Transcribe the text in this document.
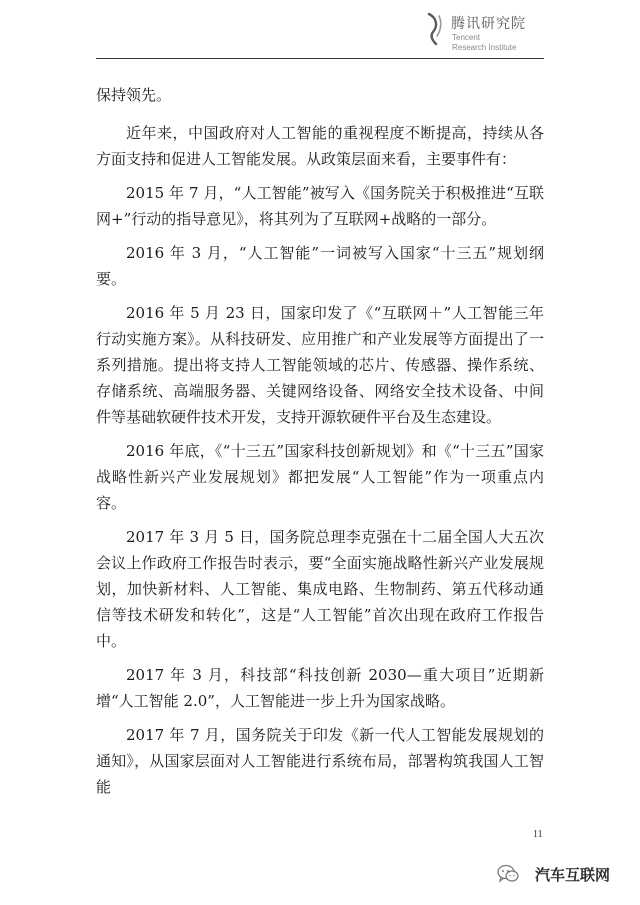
腾讯研究院
Tencent
Research Institute

保持领先。

近年来，中国政府对人工智能的重视程度不断提高，持续从各方面支持和促进人工智能发展。从政策层面来看，主要事件有：

2015 年 7 月，“人工智能”被写入《国务院关于积极推进“互联网+”行动的指导意见》，将其列为了互联网+战略的一部分。

2016 年 3 月，“人工智能”一词被写入国家“十三五”规划纲要。

2016 年 5 月 23 日，国家印发了《“互联网＋”人工智能三年行动实施方案》。从科技研发、应用推广和产业发展等方面提出了一系列措施。提出将支持人工智能领域的芯片、传感器、操作系统、存储系统、高端服务器、关键网络设备、网络安全技术设备、中间件等基础软硬件技术开发，支持开源软硬件平台及生态建设。

2016 年底，《“十三五”国家科技创新规划》和《“十三五”国家战略性新兴产业发展规划》都把发展“人工智能”作为一项重点内容。

2017 年 3 月 5 日，国务院总理李克强在十二届全国人大五次会议上作政府工作报告时表示，要“全面实施战略性新兴产业发展规划，加快新材料、人工智能、集成电路、生物制药、第五代移动通信等技术研发和转化”，这是“人工智能”首次出现在政府工作报告中。

2017 年 3 月，科技部“科技创新 2030—重大项目”近期新增“人工智能 2.0”，人工智能进一步上升为国家战略。

2017 年 7 月，国务院关于印发《新一代人工智能发展规划的通知》，从国家层面对人工智能进行系统布局，部署构筑我国人工智能

11
汽车互联网
